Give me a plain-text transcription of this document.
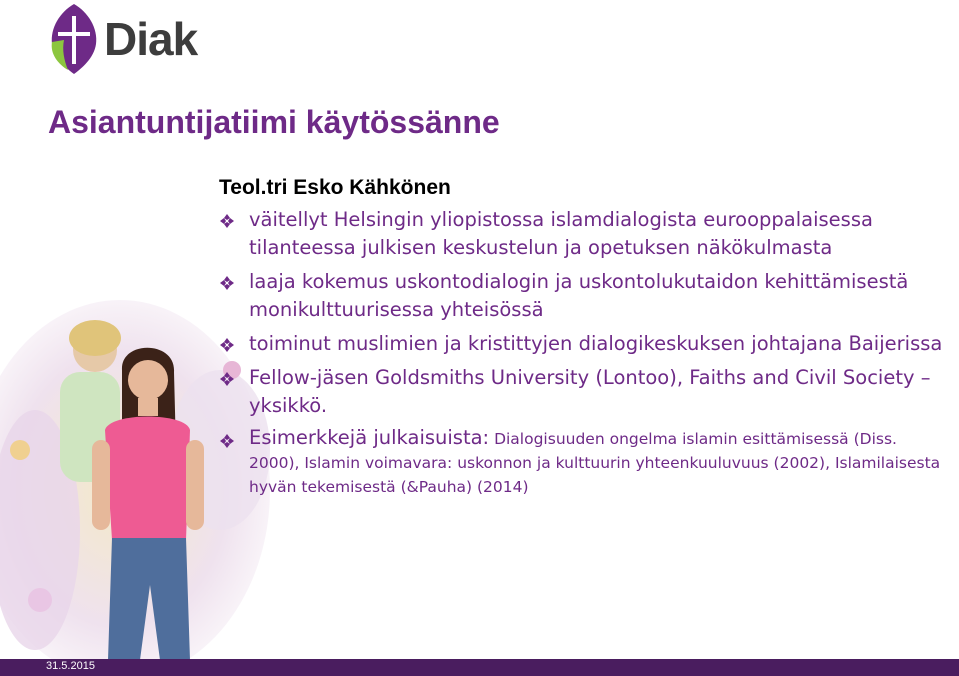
Diak
Asiantuntijatiimi käytössänne
Teol.tri Esko Kähkönen
väitellyt Helsingin yliopistossa islamdialogista eurooppalaisessa tilanteessa julkisen keskustelun ja opetuksen näkökulmasta
laaja kokemus uskontodialogin ja uskontolukutaidon kehittämisestä monikulttuurisessa yhteisössä
toiminut muslimien ja kristittyjen dialogikeskuksen johtajana Baijerissa
Fellow-jäsen Goldsmiths University (Lontoo), Faiths and Civil Society –yksikkö.
Esimerkkejä julkaisuista: Dialogisuuden ongelma islamin esittämisessä (Diss. 2000), Islamin voimavara: uskonnon ja kulttuurin yhteenkuuluvuus (2002), Islamilaisesta hyvän tekemisestä (&Pauha) (2014)
31.5.2015
